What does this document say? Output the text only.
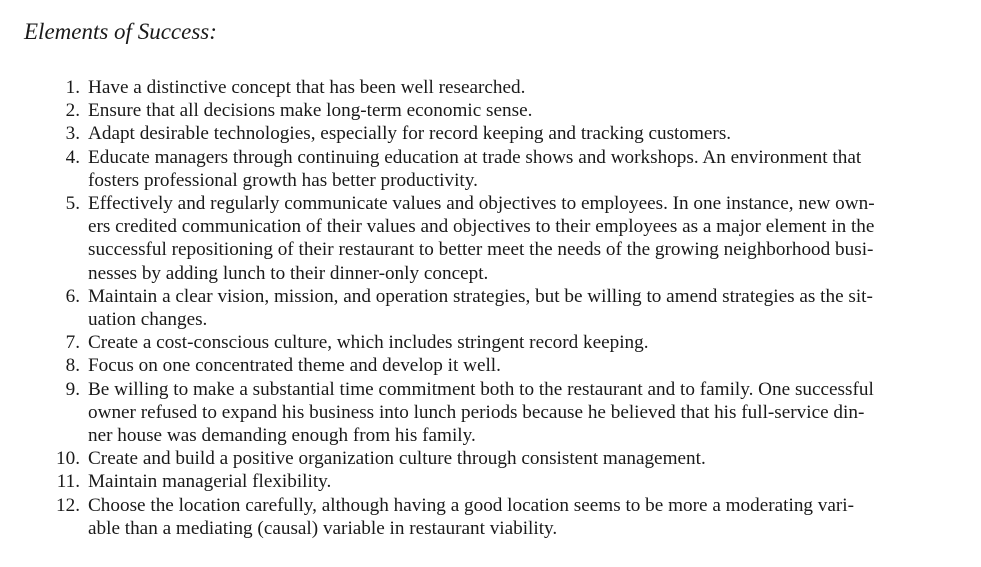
Elements of Success:
1. Have a distinctive concept that has been well researched.
2. Ensure that all decisions make long-term economic sense.
3. Adapt desirable technologies, especially for record keeping and tracking customers.
4. Educate managers through continuing education at trade shows and workshops. An environment that
fosters professional growth has better productivity.
5. Effectively and regularly communicate values and objectives to employees. In one instance, new own-
ers credited communication of their values and objectives to their employees as a major element in the
successful repositioning of their restaurant to better meet the needs of the growing neighborhood busi-
nesses by adding lunch to their dinner-only concept.
6. Maintain a clear vision, mission, and operation strategies, but be willing to amend strategies as the sit-
uation changes.
7. Create a cost-conscious culture, which includes stringent record keeping.
8. Focus on one concentrated theme and develop it well.
9. Be willing to make a substantial time commitment both to the restaurant and to family. One successful
owner refused to expand his business into lunch periods because he believed that his full-service din-
ner house was demanding enough from his family.
10. Create and build a positive organization culture through consistent management.
11. Maintain managerial flexibility.
12. Choose the location carefully, although having a good location seems to be more a moderating vari-
able than a mediating (causal) variable in restaurant viability.
